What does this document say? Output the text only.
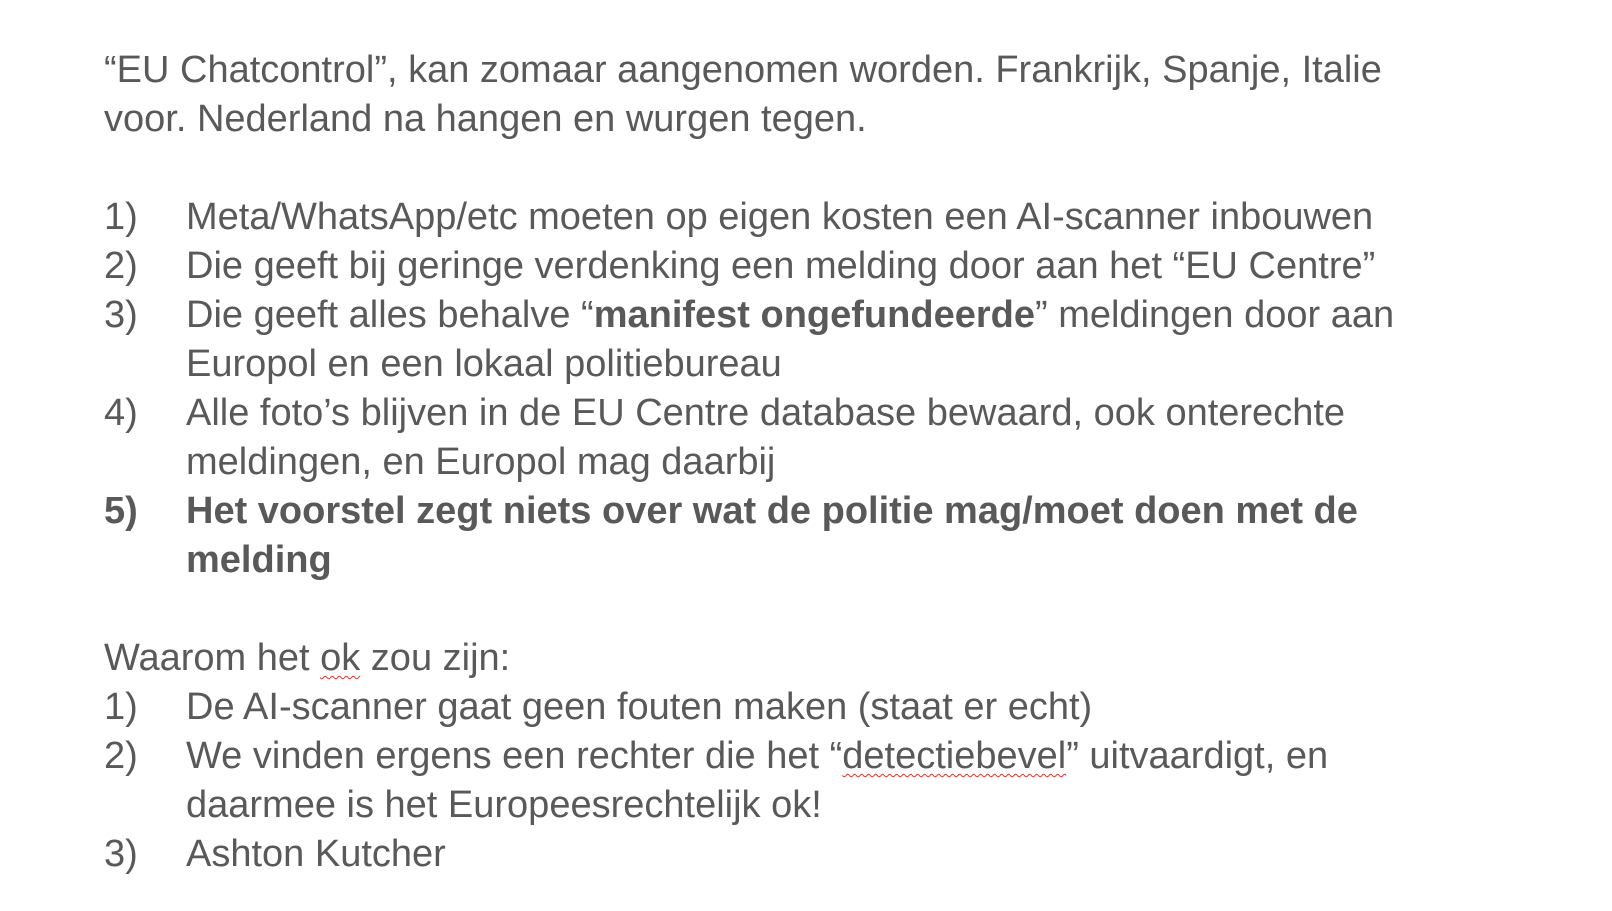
“EU Chatcontrol”, kan zomaar aangenomen worden. Frankrijk, Spanje, Italie
voor. Nederland na hangen en wurgen tegen.

1)	Meta/WhatsApp/etc moeten op eigen kosten een AI-scanner inbouwen
2)	Die geeft bij geringe verdenking een melding door aan het “EU Centre”
3)	Die geeft alles behalve “manifest ongefundeerde” meldingen door aan
Europol en een lokaal politiebureau
4)	Alle foto’s blijven in de EU Centre database bewaard, ook onterechte
meldingen, en Europol mag daarbij
5)	Het voorstel zegt niets over wat de politie mag/moet doen met de
melding

Waarom het ok zou zijn:

1)	De AI-scanner gaat geen fouten maken (staat er echt)
2)	We vinden ergens een rechter die het “detectiebevel” uitvaardigt, en
daarmee is het Europeesrechtelijk ok!
3)	Ashton Kutcher
